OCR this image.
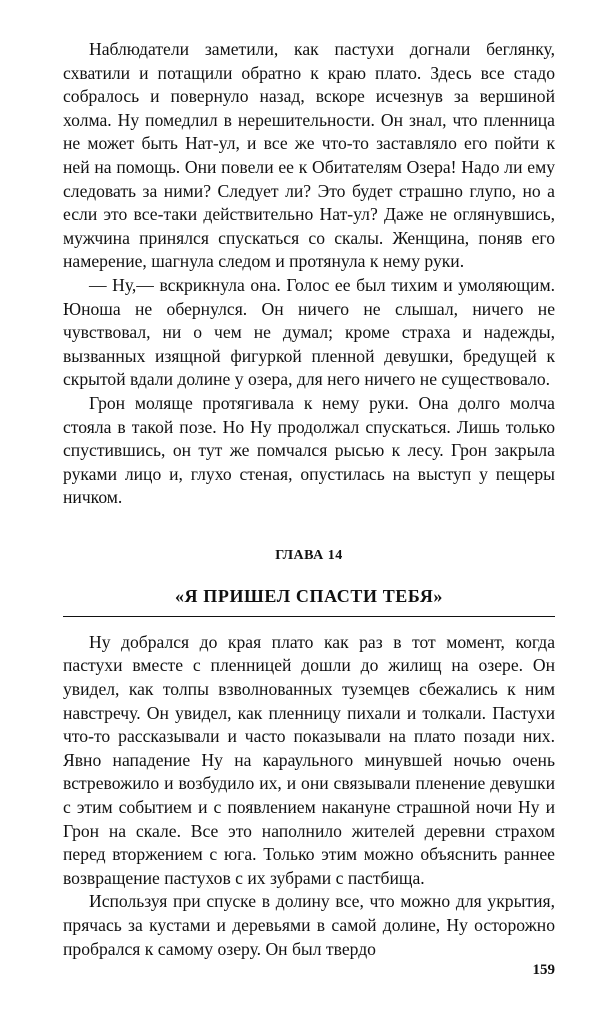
Наблюдатели заметили, как пастухи догнали беглянку, схватили и потащили обратно к краю плато. Здесь все стадо собралось и повернуло назад, вскоре исчезнув за вершиной холма. Ну помедлил в нерешительности. Он знал, что пленница не может быть Нат-ул, и все же что-то заставляло его пойти к ней на помощь. Они повели ее к Обитателям Озера! Надо ли ему следовать за ними? Следует ли? Это будет страшно глупо, но а если это все-таки действительно Нат-ул? Даже не оглянувшись, мужчина принялся спускаться со скалы. Женщина, поняв его намерение, шагнула следом и протянула к нему руки.

— Ну,— вскрикнула она. Голос ее был тихим и умоляющим. Юноша не обернулся. Он ничего не слышал, ничего не чувствовал, ни о чем не думал; кроме страха и надежды, вызванных изящной фигуркой пленной девушки, бредущей к скрытой вдали долине у озера, для него ничего не существовало.

Грон моляще протягивала к нему руки. Она долго молча стояла в такой позе. Но Ну продолжал спускаться. Лишь только спустившись, он тут же помчался рысью к лесу. Грон закрыла руками лицо и, глухо стеная, опустилась на выступ у пещеры ничком.

ГЛАВА 14

«Я ПРИШЕЛ СПАСТИ ТЕБЯ»

Ну добрался до края плато как раз в тот момент, когда пастухи вместе с пленницей дошли до жилищ на озере. Он увидел, как толпы взволнованных туземцев сбежались к ним навстречу. Он увидел, как пленницу пихали и толкали. Пастухи что-то рассказывали и часто показывали на плато позади них. Явно нападение Ну на караульного минувшей ночью очень встревожило и возбудило их, и они связывали пленение девушки с этим событием и с появлением накануне страшной ночи Ну и Грон на скале. Все это наполнило жителей деревни страхом перед вторжением с юга. Только этим можно объяснить раннее возвращение пастухов с их зубрами с пастбища.

Используя при спуске в долину все, что можно для укрытия, прячась за кустами и деревьями в самой долине, Ну осторожно пробрался к самому озеру. Он был твердо

159
